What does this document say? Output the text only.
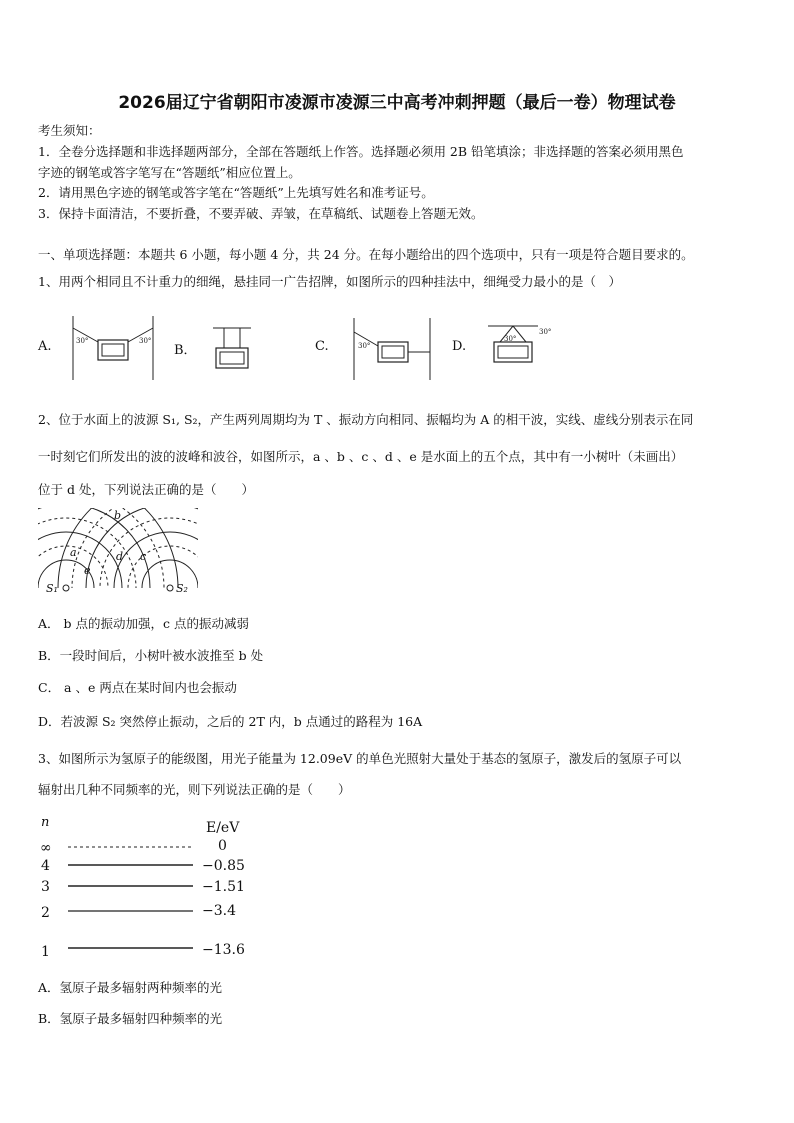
2026届辽宁省朝阳市凌源市凌源三中高考冲刺押题（最后一卷）物理试卷
考生须知：
1．全卷分选择题和非选择题两部分，全部在答题纸上作答。选择题必须用 2B 铅笔填涂；非选择题的答案必须用黑色
字迹的钢笔或答字笔写在“答题纸”相应位置上。
2．请用黑色字迹的钢笔或答字笔在“答题纸”上先填写姓名和准考证号。
3．保持卡面清洁，不要折叠，不要弄破、弄皱，在草稿纸、试题卷上答题无效。
一、单项选择题：本题共 6 小题，每小题 4 分，共 24 分。在每小题给出的四个选项中，只有一项是符合题目要求的。
1、用两个相同且不计重力的细绳，悬挂同一广告招牌，如图所示的四种挂法中，细绳受力最小的是（　）
A.	B．	C.	D.
30°	30°
30°
30°
30°
2、位于水面上的波源 S₁, S₂，产生两列周期均为 T 、振动方向相同、振幅均为 A 的相干波，实线、虚线分别表示在同
一时刻它们所发出的波的波峰和波谷，如图所示，a 、b 、c 、d 、e 是水面上的五个点，其中有一小树叶（未画出）
位于 d 处，下列说法正确的是（　　）
b
a	c
d
e
S₁	S₂
A． b 点的振动加强，c 点的振动减弱
B．一段时间后，小树叶被水波推至 b 处
C． a 、e 两点在某时间内也会振动
D．若波源 S₂ 突然停止振动，之后的 2T 内，b 点通过的路程为 16A
3、如图所示为氢原子的能级图，用光子能量为 12.09eV 的单色光照射大量处于基态的氢原子，激发后的氢原子可以
辐射出几种不同频率的光，则下列说法正确的是（　　）
n	E/eV
∞	0
4	−0.85
3	−1.51
2	−3.4
1	−13.6
A．氢原子最多辐射两种频率的光
B．氢原子最多辐射四种频率的光
